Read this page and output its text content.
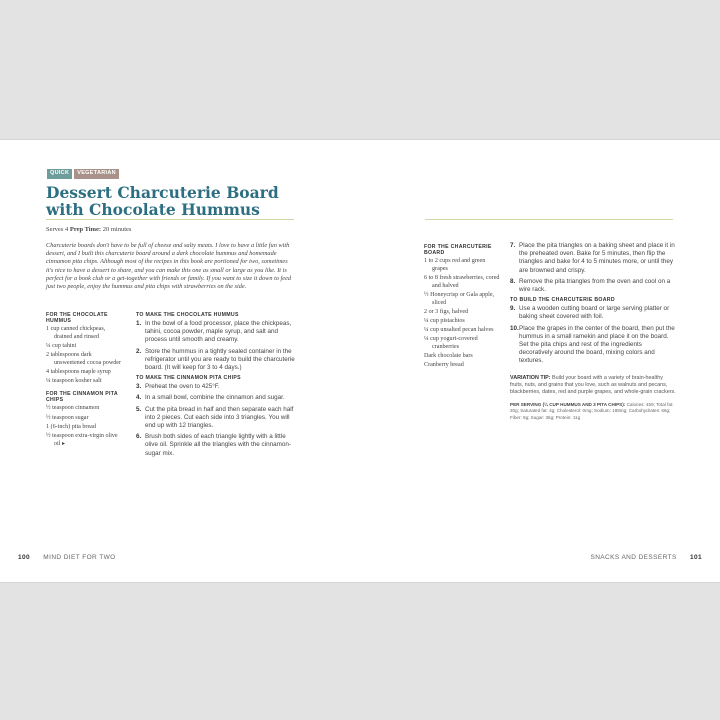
QUICK	VEGETARIAN
Dessert Charcuterie Board
with Chocolate Hummus
Serves 4 Prep Time: 20 minutes

Charcuterie boards don't have to be full of cheese and salty meats. I love to have a little fun with dessert, and I built this charcuterie board around a dark chocolate hummus and homemade cinnamon pita chips. Although most of the recipes in this book are portioned for two, sometimes it's nice to have a dessert to share, and you can make this one as small or large as you like. It is perfect for a book club or a get-together with friends or family. If you want to size it down to feed just two people, enjoy the hummus and pita chips with strawberries on the side.

FOR THE CHOCOLATE HUMMUS

1 cup canned chickpeas, drained and rinsed

¼ cup tahini

2 tablespoons dark unsweetened cocoa powder

4 tablespoons maple syrup

¼ teaspoon kosher salt

FOR THE CINNAMON PITA CHIPS

½ teaspoon cinnamon

½ teaspoon sugar

1 (6-inch) pita bread

½ teaspoon extra-virgin olive oil ▸

TO MAKE THE CHOCOLATE HUMMUS

1. In the bowl of a food processor, place the chickpeas, tahini, cocoa powder, maple syrup, and salt and process until smooth and creamy.
2. Store the hummus in a tightly sealed container in the refrigerator until you are ready to build the charcuterie board. (It will keep for 3 to 4 days.)

TO MAKE THE CINNAMON PITA CHIPS

3. Preheat the oven to 425°F.
4. In a small bowl, combine the cinnamon and sugar.
5. Cut the pita bread in half and then separate each half into 2 pieces. Cut each side into 3 triangles. You will end up with 12 triangles.
6. Brush both sides of each triangle lightly with a little olive oil. Sprinkle all the triangles with the cinnamon-sugar mix.
100 MIND DIET FOR TWO

FOR THE CHARCUTERIE BOARD

1 to 2 cups red and green grapes

6 to 8 fresh strawberries, cored and halved

½ Honeycrisp or Gala apple, sliced

2 or 3 figs, halved

¼ cup pistachios

¼ cup unsalted pecan halves

¼ cup yogurt-covered cranberries

Dark chocolate bars

Cranberry bread

7. Place the pita triangles on a baking sheet and place it in the preheated oven. Bake for 5 minutes, then flip the triangles and bake for 4 to 5 minutes more, or until they are browned and crispy.
8. Remove the pita triangles from the oven and cool on a wire rack.

TO BUILD THE CHARCUTERIE BOARD

9. Use a wooden cutting board or large serving platter or baking sheet covered with foil.
10. Place the grapes in the center of the board, then put the hummus in a small ramekin and place it on the board. Set the pita chips and rest of the ingredients decoratively around the board, mixing colors and textures.

VARIATION TIP: Build your board with a variety of brain-healthy fruits, nuts, and grains that you love, such as walnuts and pecans, blackberries, dates, red and purple grapes, and whole-grain crackers.

PER SERVING (¼ CUP HUMMUS AND 3 PITA CHIPS): Calories: 459; Total fat: 20g; Saturated fat: 4g; Cholesterol: 0mg; Sodium: 188mg; Carbohydrates: 66g; Fiber: 9g; Sugar: 36g; Protein: 11g

SNACKS AND DESSERTS 101
